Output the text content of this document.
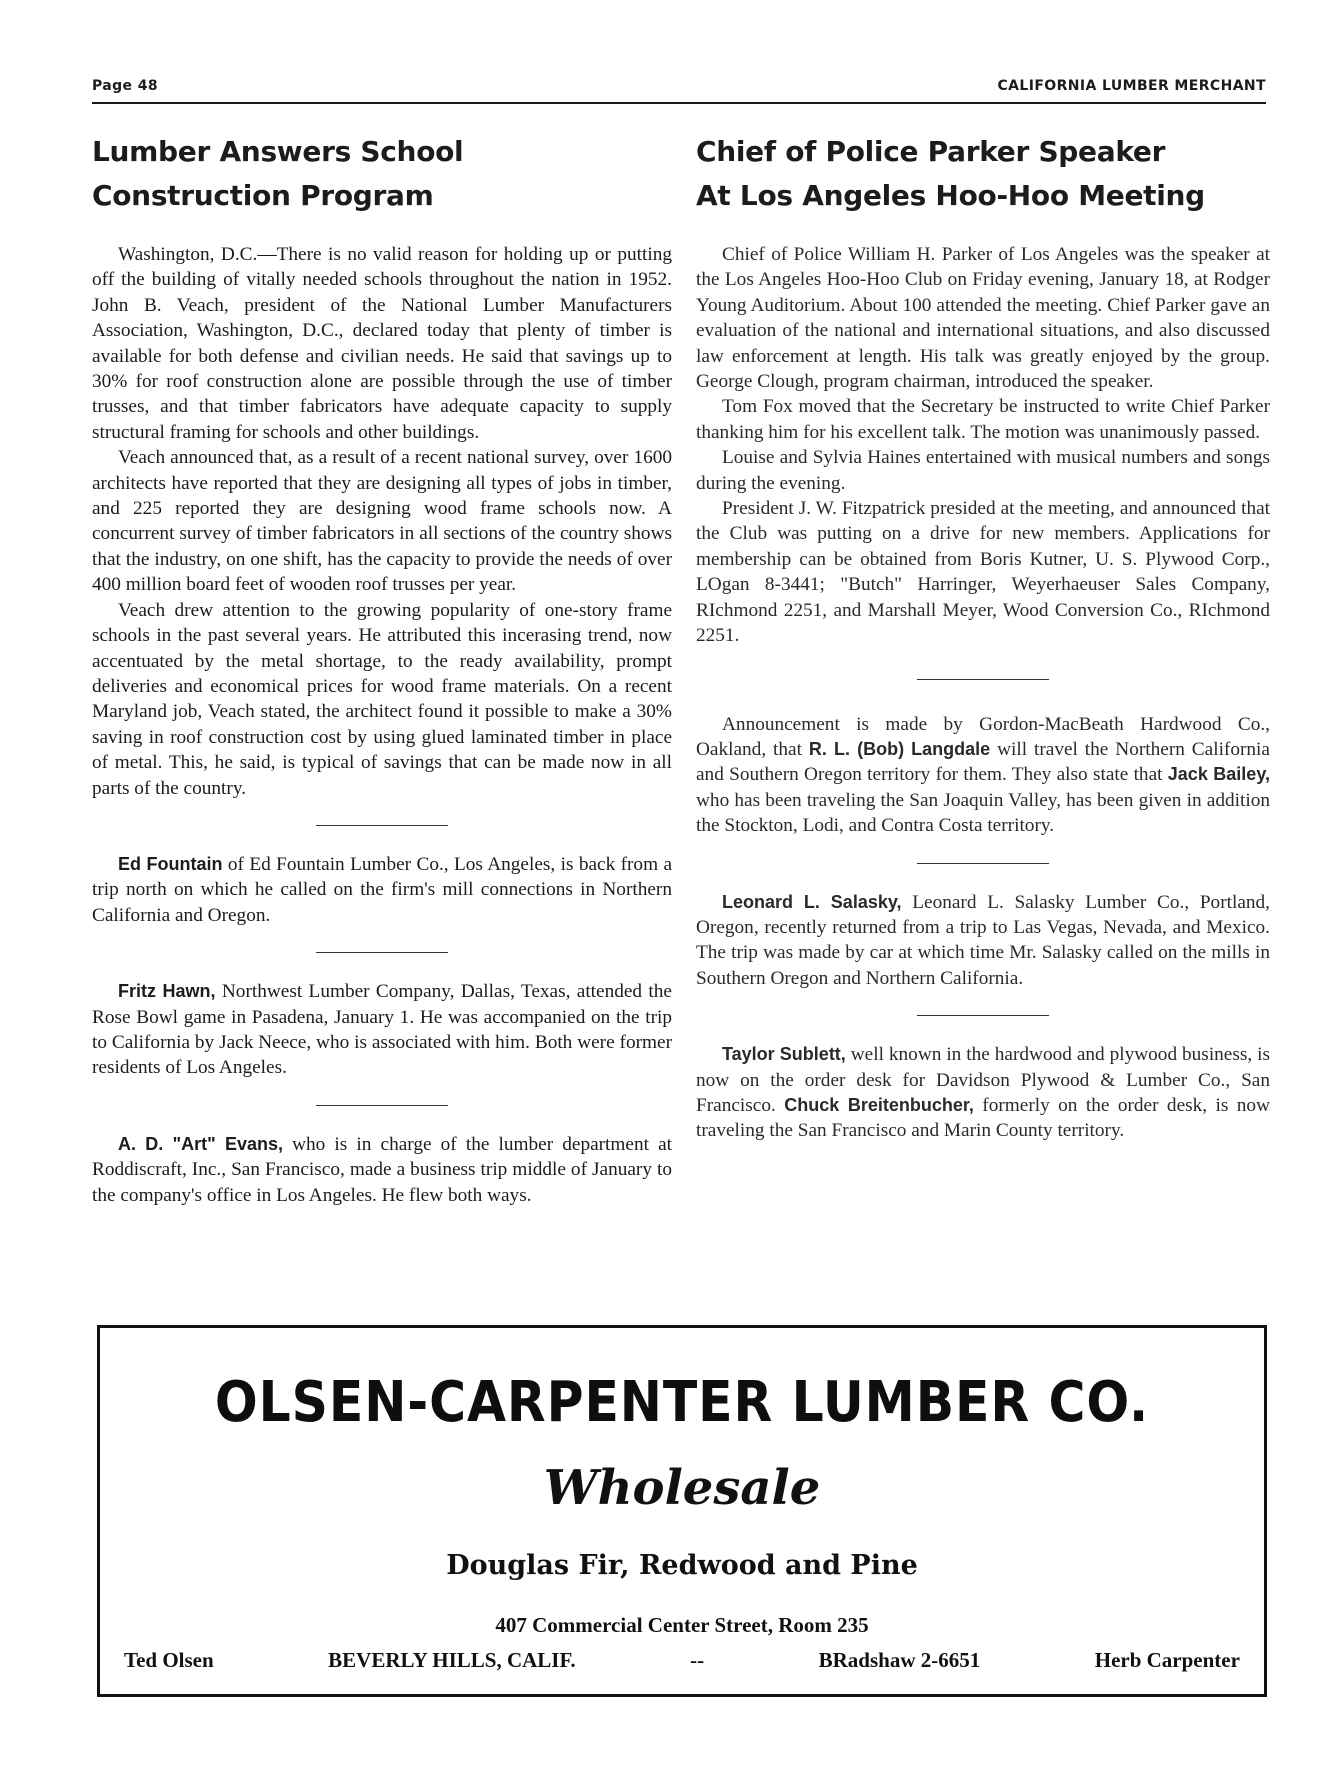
Page 48	CALIFORNIA LUMBER MERCHANT
Lumber Answers School
Construction Program

Washington, D.C.—There is no valid reason for holding up or putting off the building of vitally needed schools throughout the nation in 1952. John B. Veach, president of the National Lumber Manufacturers Association, Washington, D.C., declared today that plenty of timber is available for both defense and civilian needs. He said that savings up to 30% for roof construction alone are possible through the use of timber trusses, and that timber fabricators have adequate capacity to supply structural framing for schools and other buildings.

Veach announced that, as a result of a recent national survey, over 1600 architects have reported that they are designing all types of jobs in timber, and 225 reported they are designing wood frame schools now. A concurrent survey of timber fabricators in all sections of the country shows that the industry, on one shift, has the capacity to provide the needs of over 400 million board feet of wooden roof trusses per year.

Veach drew attention to the growing popularity of one-story frame schools in the past several years. He attributed this incerasing trend, now accentuated by the metal shortage, to the ready availability, prompt deliveries and economical prices for wood frame materials. On a recent Maryland job, Veach stated, the architect found it possible to make a 30% saving in roof construction cost by using glued laminated timber in place of metal. This, he said, is typical of savings that can be made now in all parts of the country.

Ed Fountain of Ed Fountain Lumber Co., Los Angeles, is back from a trip north on which he called on the firm's mill connections in Northern California and Oregon.

Fritz Hawn, Northwest Lumber Company, Dallas, Texas, attended the Rose Bowl game in Pasadena, January 1. He was accompanied on the trip to California by Jack Neece, who is associated with him. Both were former residents of Los Angeles.

A. D. "Art" Evans, who is in charge of the lumber department at Roddiscraft, Inc., San Francisco, made a business trip middle of January to the company's office in Los Angeles. He flew both ways.

Chief of Police Parker Speaker
At Los Angeles Hoo-Hoo Meeting

Chief of Police William H. Parker of Los Angeles was the speaker at the Los Angeles Hoo-Hoo Club on Friday evening, January 18, at Rodger Young Auditorium. About 100 attended the meeting. Chief Parker gave an evaluation of the national and international situations, and also discussed law enforcement at length. His talk was greatly enjoyed by the group. George Clough, program chairman, introduced the speaker.

Tom Fox moved that the Secretary be instructed to write Chief Parker thanking him for his excellent talk. The motion was unanimously passed.

Louise and Sylvia Haines entertained with musical numbers and songs during the evening.

President J. W. Fitzpatrick presided at the meeting, and announced that the Club was putting on a drive for new members. Applications for membership can be obtained from Boris Kutner, U. S. Plywood Corp., LOgan 8-3441; "Butch" Harringer, Weyerhaeuser Sales Company, RIchmond 2251, and Marshall Meyer, Wood Conversion Co., RIchmond 2251.

Announcement is made by Gordon-MacBeath Hardwood Co., Oakland, that R. L. (Bob) Langdale will travel the Northern California and Southern Oregon territory for them. They also state that Jack Bailey, who has been traveling the San Joaquin Valley, has been given in addition the Stockton, Lodi, and Contra Costa territory.

Leonard L. Salasky, Leonard L. Salasky Lumber Co., Portland, Oregon, recently returned from a trip to Las Vegas, Nevada, and Mexico. The trip was made by car at which time Mr. Salasky called on the mills in Southern Oregon and Northern California.

Taylor Sublett, well known in the hardwood and plywood business, is now on the order desk for Davidson Plywood & Lumber Co., San Francisco. Chuck Breitenbucher, formerly on the order desk, is now traveling the San Francisco and Marin County territory.

OLSEN-CARPENTER LUMBER CO.
Wholesale
Douglas Fir, Redwood and Pine
407 Commercial Center Street, Room 235
Ted Olsen	BEVERLY HILLS, CALIF.	--	BRadshaw 2-6651	Herb Carpenter
